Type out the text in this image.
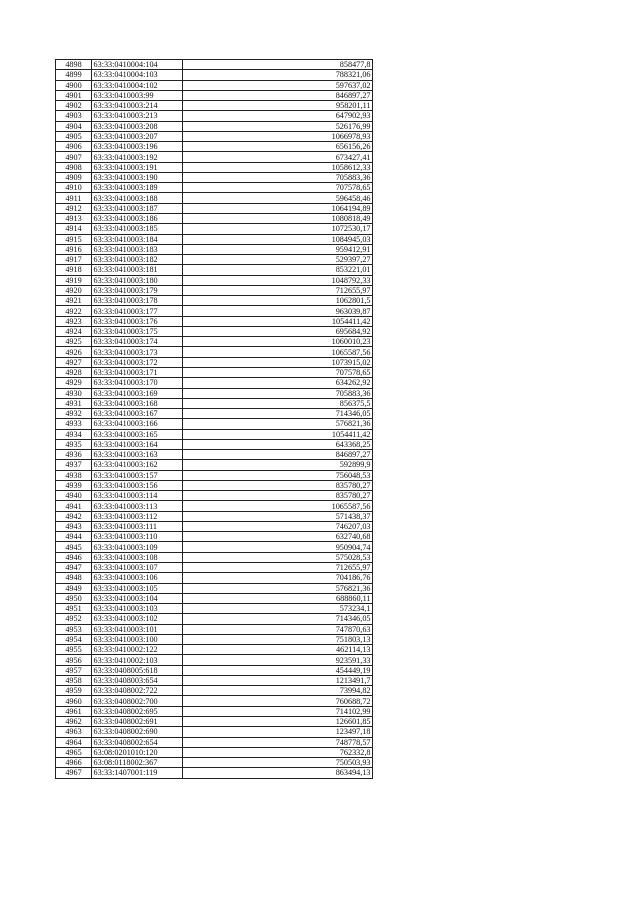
4898	63:33:0410004:104	858477,8
4899	63:33:0410004:103	788321,06
4900	63:33:0410004:102	597637,02
4901	63:33:0410003:99	846897,27
4902	63:33:0410003:214	958201,11
4903	63:33:0410003:213	647902,93
4904	63:33:0410003:208	526176,99
4905	63:33:0410003:207	1066978,93
4906	63:33:0410003:196	656156,26
4907	63:33:0410003:192	673427,41
4908	63:33:0410003:191	1058612,33
4909	63:33:0410003:190	705883,36
4910	63:33:0410003:189	707578,65
4911	63:33:0410003:188	596458,46
4912	63:33:0410003:187	1064194,89
4913	63:33:0410003:186	1080818,49
4914	63:33:0410003:185	1072530,17
4915	63:33:0410003:184	1084945,03
4916	63:33:0410003:183	959412,91
4917	63:33:0410003:182	529397,27
4918	63:33:0410003:181	853221,01
4919	63:33:0410003:180	1048792,33
4920	63:33:0410003:179	712655,97
4921	63:33:0410003:178	1062801,5
4922	63:33:0410003:177	963039,87
4923	63:33:0410003:176	1054411,42
4924	63:33:0410003:175	695684,92
4925	63:33:0410003:174	1060010,23
4926	63:33:0410003:173	1065587,56
4927	63:33:0410003:172	1073915,02
4928	63:33:0410003:171	707578,65
4929	63:33:0410003:170	634262,92
4930	63:33:0410003:169	705883,36
4931	63:33:0410003:168	856375,5
4932	63:33:0410003:167	714346,05
4933	63:33:0410003:166	576821,36
4934	63:33:0410003:165	1054411,42
4935	63:33:0410003:164	643368,25
4936	63:33:0410003:163	846897,27
4937	63:33:0410003:162	592899,9
4938	63:33:0410003:157	756048,53
4939	63:33:0410003:156	835780,27
4940	63:33:0410003:114	835780,27
4941	63:33:0410003:113	1065587,56
4942	63:33:0410003:112	571438,37
4943	63:33:0410003:111	746207,03
4944	63:33:0410003:110	632740,68
4945	63:33:0410003:109	950904,74
4946	63:33:0410003:108	575028,53
4947	63:33:0410003:107	712655,97
4948	63:33:0410003:106	704186,76
4949	63:33:0410003:105	576821,36
4950	63:33:0410003:104	688860,11
4951	63:33:0410003:103	573234,1
4952	63:33:0410003:102	714346,05
4953	63:33:0410003:101	747870,63
4954	63:33:0410003:100	751803,13
4955	63:33:0410002:122	462114,13
4956	63:33:0410002:103	923591,33
4957	63:33:0408005:618	454449,19
4958	63:33:0408003:654	1213491,7
4959	63:33:0408002:722	73994,82
4960	63:33:0408002:700	760688,72
4961	63:33:0408002:695	714102,99
4962	63:33:0408002:691	126601,85
4963	63:33:0408002:690	123497,18
4964	63:33:0408002:654	748778,57
4965	63:08:0201010:120	762332,8
4966	63:08:0118002:367	750503,93
4967	63:33:1407001:119	863494,13
